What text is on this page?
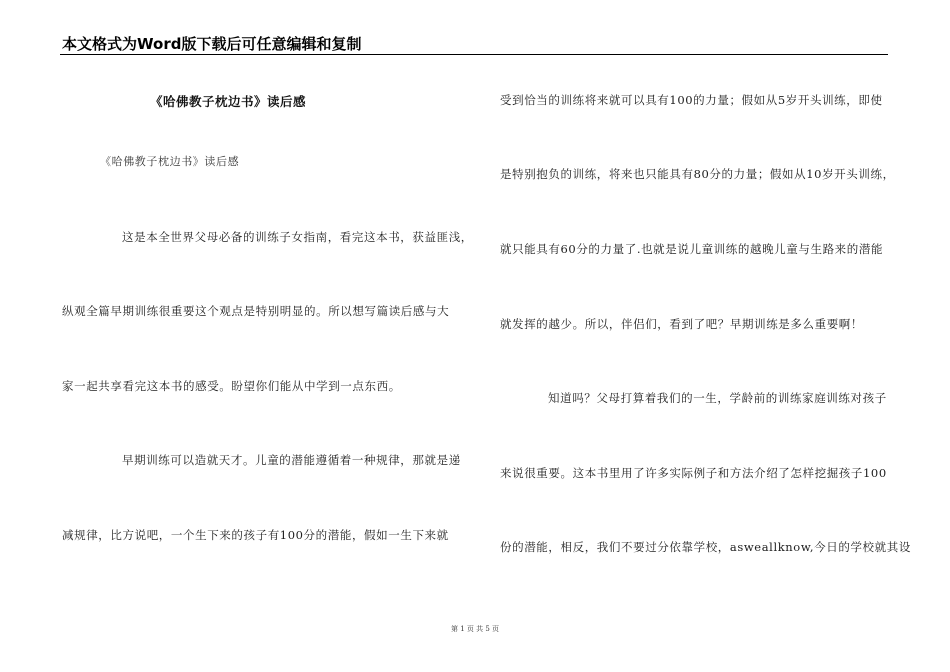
本文格式为Word版下载后可任意编辑和复制
《哈佛教子枕边书》读后感
《哈佛教子枕边书》读后感
这是本全世界父母必备的训练子女指南，看完这本书，获益匪浅，
纵观全篇早期训练很重要这个观点是特别明显的。所以想写篇读后感与大
家一起共享看完这本书的感受。盼望你们能从中学到一点东西。
早期训练可以造就天才。儿童的潜能遵循着一种规律，那就是递
减规律，比方说吧，一个生下来的孩子有100分的潜能，假如一生下来就
受到恰当的训练将来就可以具有100的力量；假如从5岁开头训练，即使
是特别抱负的训练，将来也只能具有80分的力量；假如从10岁开头训练，
就只能具有60分的力量了.也就是说儿童训练的越晚儿童与生路来的潜能
就发挥的越少。所以，伴侣们，看到了吧？早期训练是多么重要啊！
知道吗？父母打算着我们的一生，学龄前的训练家庭训练对孩子
来说很重要。这本书里用了许多实际例子和方法介绍了怎样挖掘孩子100
份的潜能，相反，我们不要过分依靠学校，asweallknow,今日的学校就其设
第 1 页 共 5 页
